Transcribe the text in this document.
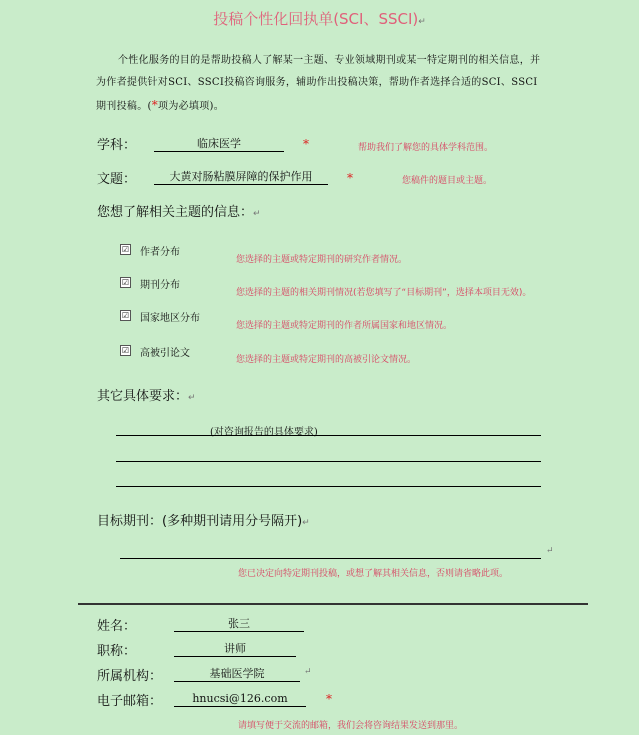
投稿个性化回执单(SCI、SSCI)↵
个性化服务的目的是帮助投稿人了解某一主题、专业领域期刊或某一特定期刊的相关信息，并为作者提供针对SCI、SSCI投稿咨询服务，辅助作出投稿决策，帮助作者选择合适的SCI、SSCI期刊投稿。(*项为必填项)。
学科：	临床医学	*	帮助我们了解您的具体学科范围。
文题：	大黄对肠粘膜屏障的保护作用	*	您稿件的题目或主题。
您想了解相关主题的信息：↵
☑ 作者分布
您选择的主题或特定期刊的研究作者情况。
☑ 期刊分布
您选择的主题的相关期刊情况(若您填写了“目标期刊”，选择本项目无效)。
☑ 国家地区分布
您选择的主题或特定期刊的作者所属国家和地区情况。
☑ 高被引论文
您选择的主题或特定期刊的高被引论文情况。
其它具体要求：↵
(对咨询报告的具体要求)
目标期刊：(多种期刊请用分号隔开)↵
↵
您已决定向特定期刊投稿，或想了解其相关信息，否则请省略此项。
姓名：	张三
职称：	讲师
所属机构：	基础医学院	↵
电子邮箱：	hnucsi@126.com	*
请填写便于交流的邮箱，我们会将咨询结果发送到那里。
